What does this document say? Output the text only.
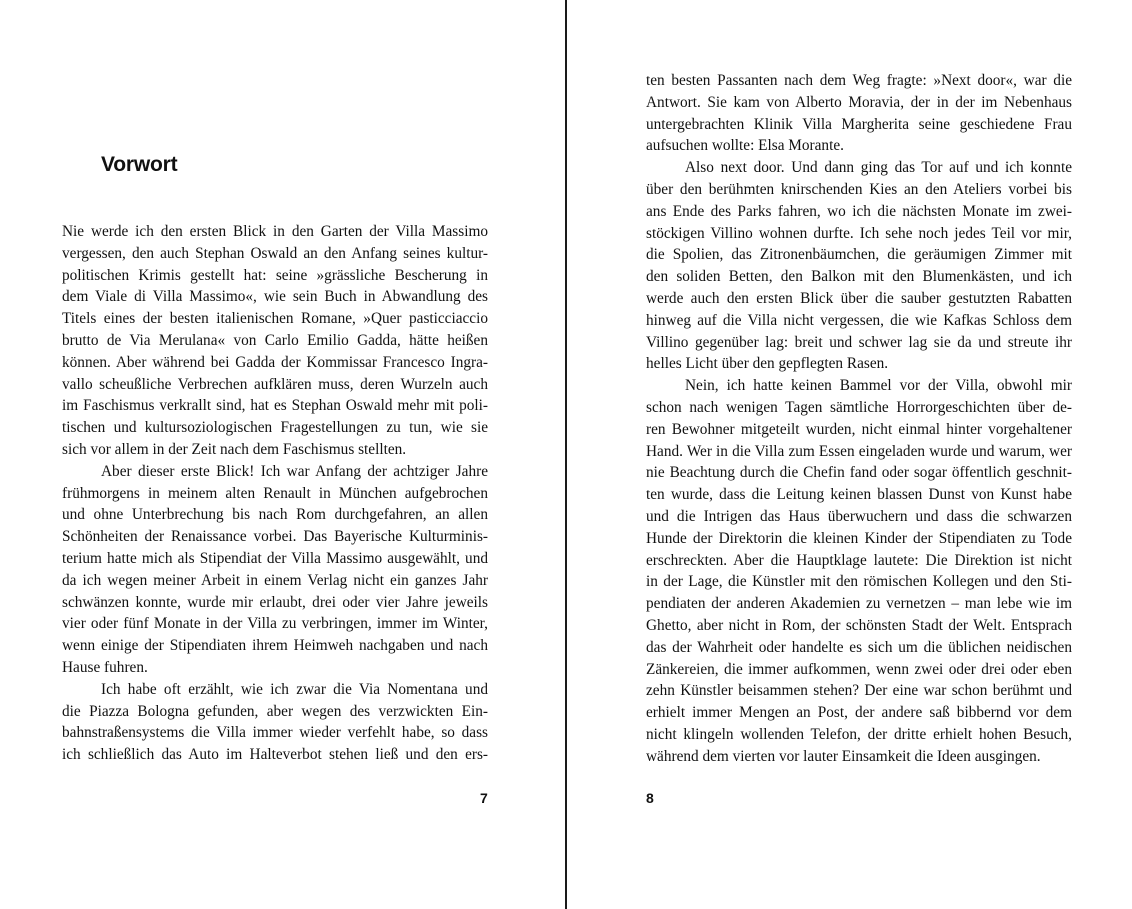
Vorwort
Nie werde ich den ersten Blick in den Garten der Villa Massimo
vergessen, den auch Stephan Oswald an den Anfang seines kultur-
politischen Krimis gestellt hat: seine »grässliche Bescherung in
dem Viale di Villa Massimo«, wie sein Buch in Abwandlung des
Titels eines der besten italienischen Romane, »Quer pasticciaccio
brutto de Via Merulana« von Carlo Emilio Gadda, hätte heißen
können. Aber während bei Gadda der Kommissar Francesco Ingra-
vallo scheußliche Verbrechen aufklären muss, deren Wurzeln auch
im Faschismus verkrallt sind, hat es Stephan Oswald mehr mit poli-
tischen und kultursoziologischen Fragestellungen zu tun, wie sie
sich vor allem in der Zeit nach dem Faschismus stellten.
Aber dieser erste Blick! Ich war Anfang der achtziger Jahre
frühmorgens in meinem alten Renault in München aufgebrochen
und ohne Unterbrechung bis nach Rom durchgefahren, an allen
Schönheiten der Renaissance vorbei. Das Bayerische Kulturminis-
terium hatte mich als Stipendiat der Villa Massimo ausgewählt, und
da ich wegen meiner Arbeit in einem Verlag nicht ein ganzes Jahr
schwänzen konnte, wurde mir erlaubt, drei oder vier Jahre jeweils
vier oder fünf Monate in der Villa zu verbringen, immer im Winter,
wenn einige der Stipendiaten ihrem Heimweh nachgaben und nach
Hause fuhren.
Ich habe oft erzählt, wie ich zwar die Via Nomentana und
die Piazza Bologna gefunden, aber wegen des verzwickten Ein-
bahnstraßensystems die Villa immer wieder verfehlt habe, so dass
ich schließlich das Auto im Halteverbot stehen ließ und den ers-
7
ten besten Passanten nach dem Weg fragte: »Next door«, war die
Antwort. Sie kam von Alberto Moravia, der in der im Nebenhaus
untergebrachten Klinik Villa Margherita seine geschiedene Frau
aufsuchen wollte: Elsa Morante.
Also next door. Und dann ging das Tor auf und ich konnte
über den berühmten knirschenden Kies an den Ateliers vorbei bis
ans Ende des Parks fahren, wo ich die nächsten Monate im zwei-
stöckigen Villino wohnen durfte. Ich sehe noch jedes Teil vor mir,
die Spolien, das Zitronenbäumchen, die geräumigen Zimmer mit
den soliden Betten, den Balkon mit den Blumenkästen, und ich
werde auch den ersten Blick über die sauber gestutzten Rabatten
hinweg auf die Villa nicht vergessen, die wie Kafkas Schloss dem
Villino gegenüber lag: breit und schwer lag sie da und streute ihr
helles Licht über den gepflegten Rasen.
Nein, ich hatte keinen Bammel vor der Villa, obwohl mir
schon nach wenigen Tagen sämtliche Horrorgeschichten über de-
ren Bewohner mitgeteilt wurden, nicht einmal hinter vorgehaltener
Hand. Wer in die Villa zum Essen eingeladen wurde und warum, wer
nie Beachtung durch die Chefin fand oder sogar öffentlich geschnit-
ten wurde, dass die Leitung keinen blassen Dunst von Kunst habe
und die Intrigen das Haus überwuchern und dass die schwarzen
Hunde der Direktorin die kleinen Kinder der Stipendiaten zu Tode
erschreckten. Aber die Hauptklage lautete: Die Direktion ist nicht
in der Lage, die Künstler mit den römischen Kollegen und den Sti-
pendiaten der anderen Akademien zu vernetzen – man lebe wie im
Ghetto, aber nicht in Rom, der schönsten Stadt der Welt. Entsprach
das der Wahrheit oder handelte es sich um die üblichen neidischen
Zänkereien, die immer aufkommen, wenn zwei oder drei oder eben
zehn Künstler beisammen stehen? Der eine war schon berühmt und
erhielt immer Mengen an Post, der andere saß bibbernd vor dem
nicht klingeln wollenden Telefon, der dritte erhielt hohen Besuch,
während dem vierten vor lauter Einsamkeit die Ideen ausgingen.
8
